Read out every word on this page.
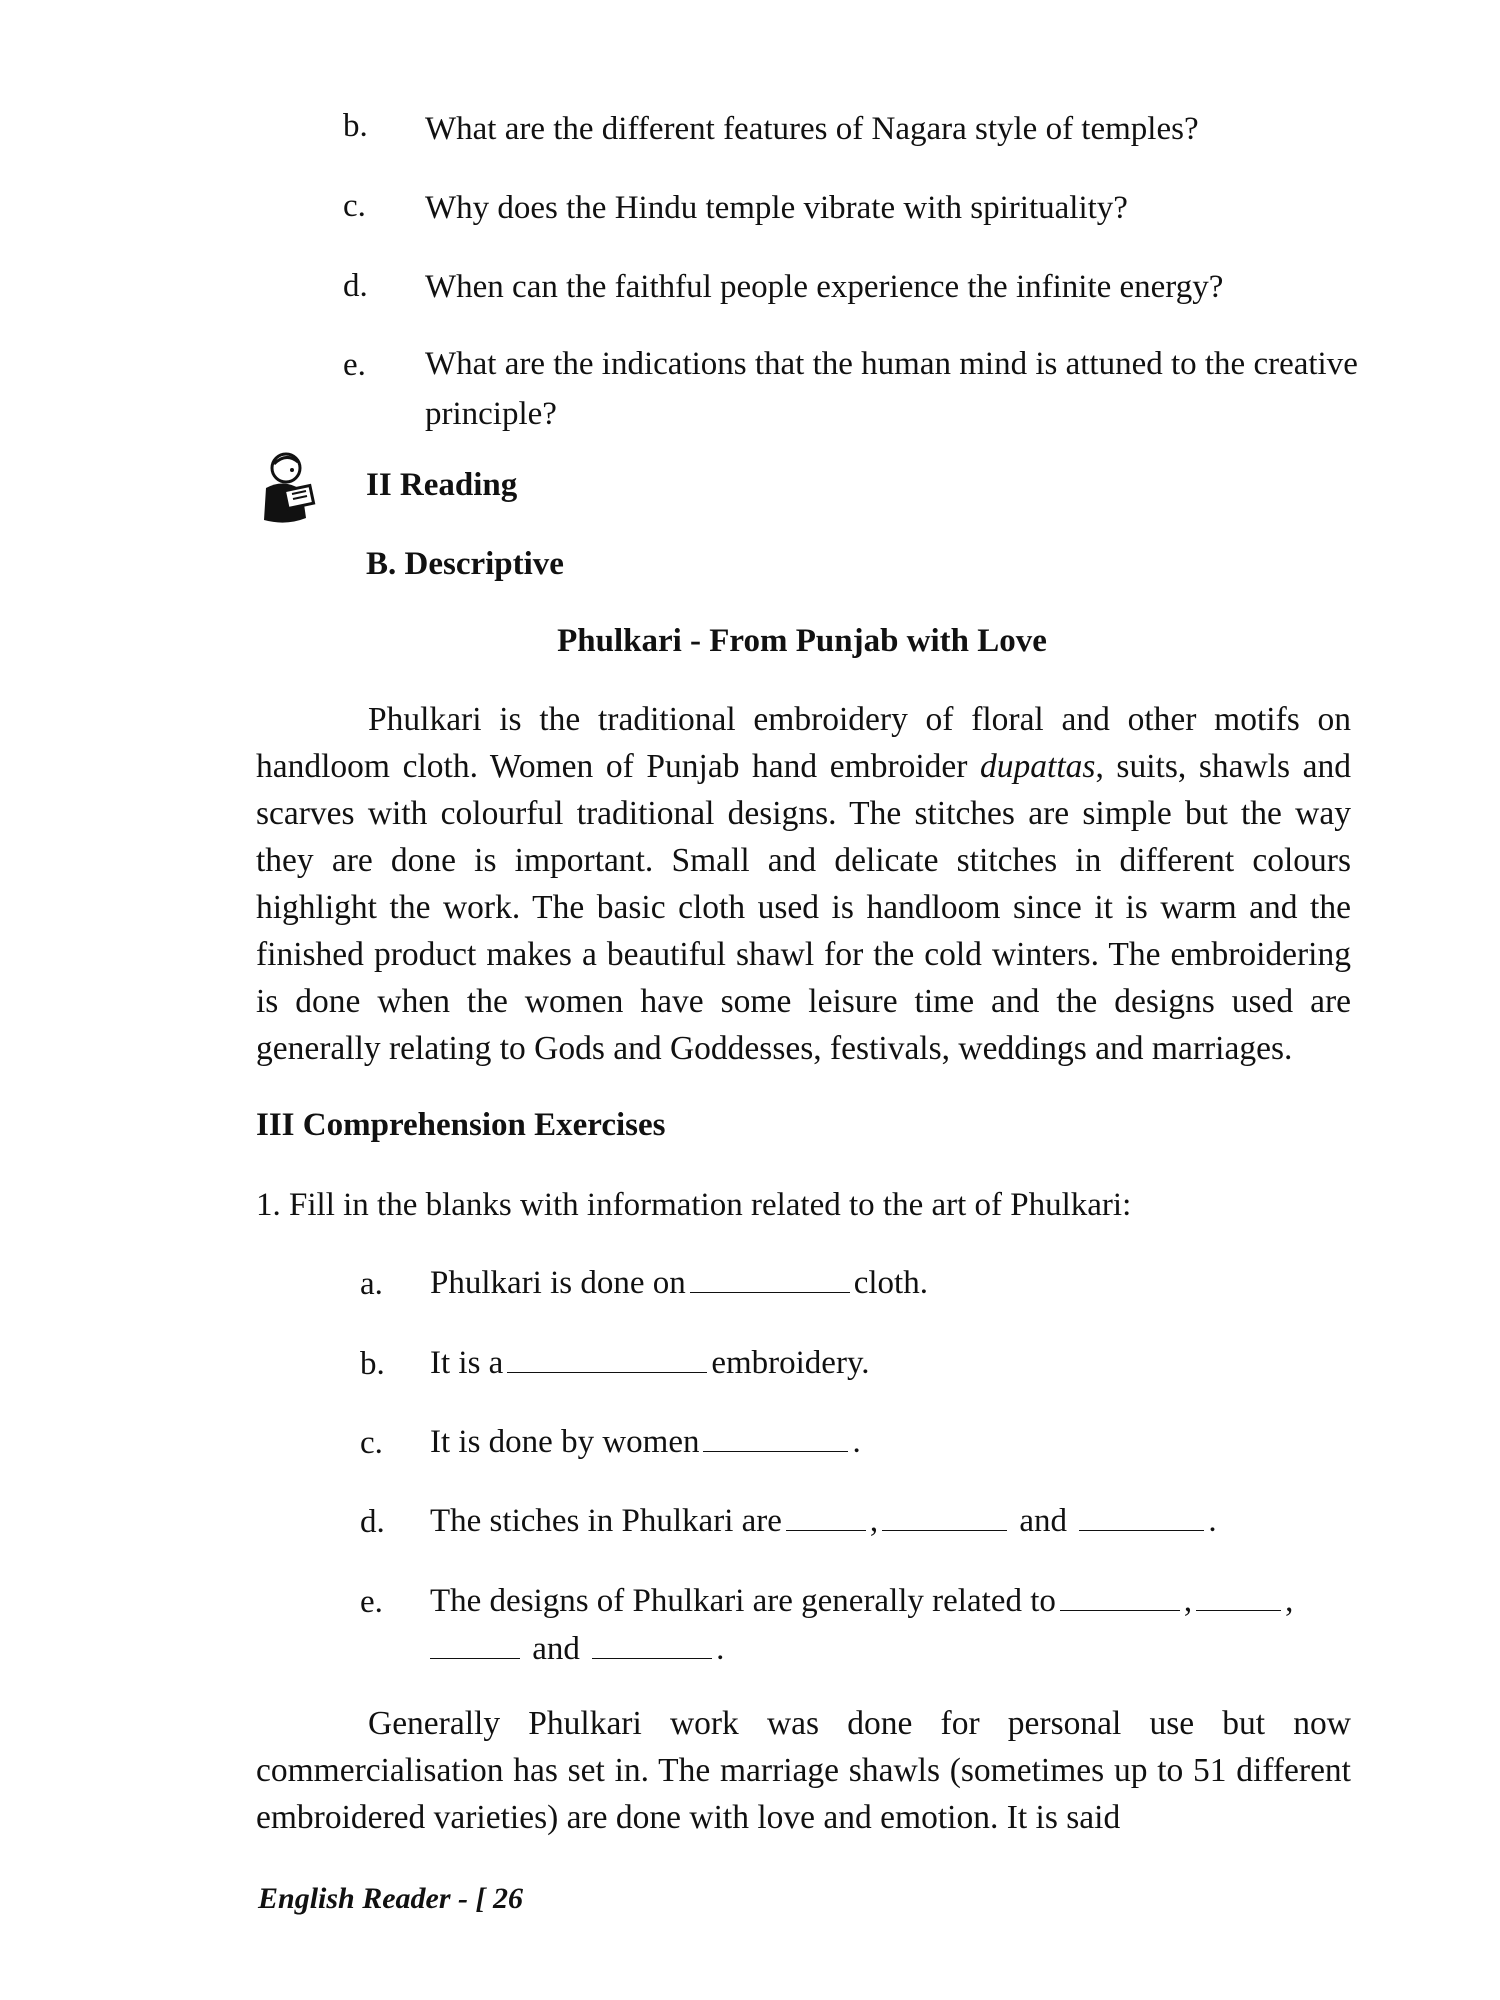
b. What are the different features of Nagara style of temples?
c. Why does the Hindu temple vibrate with spirituality?
d. When can the faithful people experience the infinite energy?
e. What are the indications that the human mind is attuned to the creative principle?
II Reading
B. Descriptive
Phulkari - From Punjab with Love
Phulkari is the traditional embroidery of floral and other motifs on handloom cloth. Women of Punjab hand embroider dupattas, suits, shawls and scarves with colourful traditional designs. The stitches are simple but the way they are done is important. Small and delicate stitches in different colours highlight the work. The basic cloth used is handloom since it is warm and the finished product makes a beautiful shawl for the cold winters. The embroidering is done when the women have some leisure time and the designs used are generally relating to Gods and Goddesses, festivals, weddings and marriages.
III Comprehension Exercises
1. Fill in the blanks with information related to the art of Phulkari:
a. Phulkari is done on	cloth.
b. It is a	embroidery.
c. It is done by women	.
d. The stiches in Phulkari are	,	and	.
e. The designs of Phulkari are generally related to	,	,
and	.
Generally Phulkari work was done for personal use but now commercialisation has set in. The marriage shawls (sometimes up to 51 different embroidered varieties) are done with love and emotion. It is said
English Reader - [ 26
